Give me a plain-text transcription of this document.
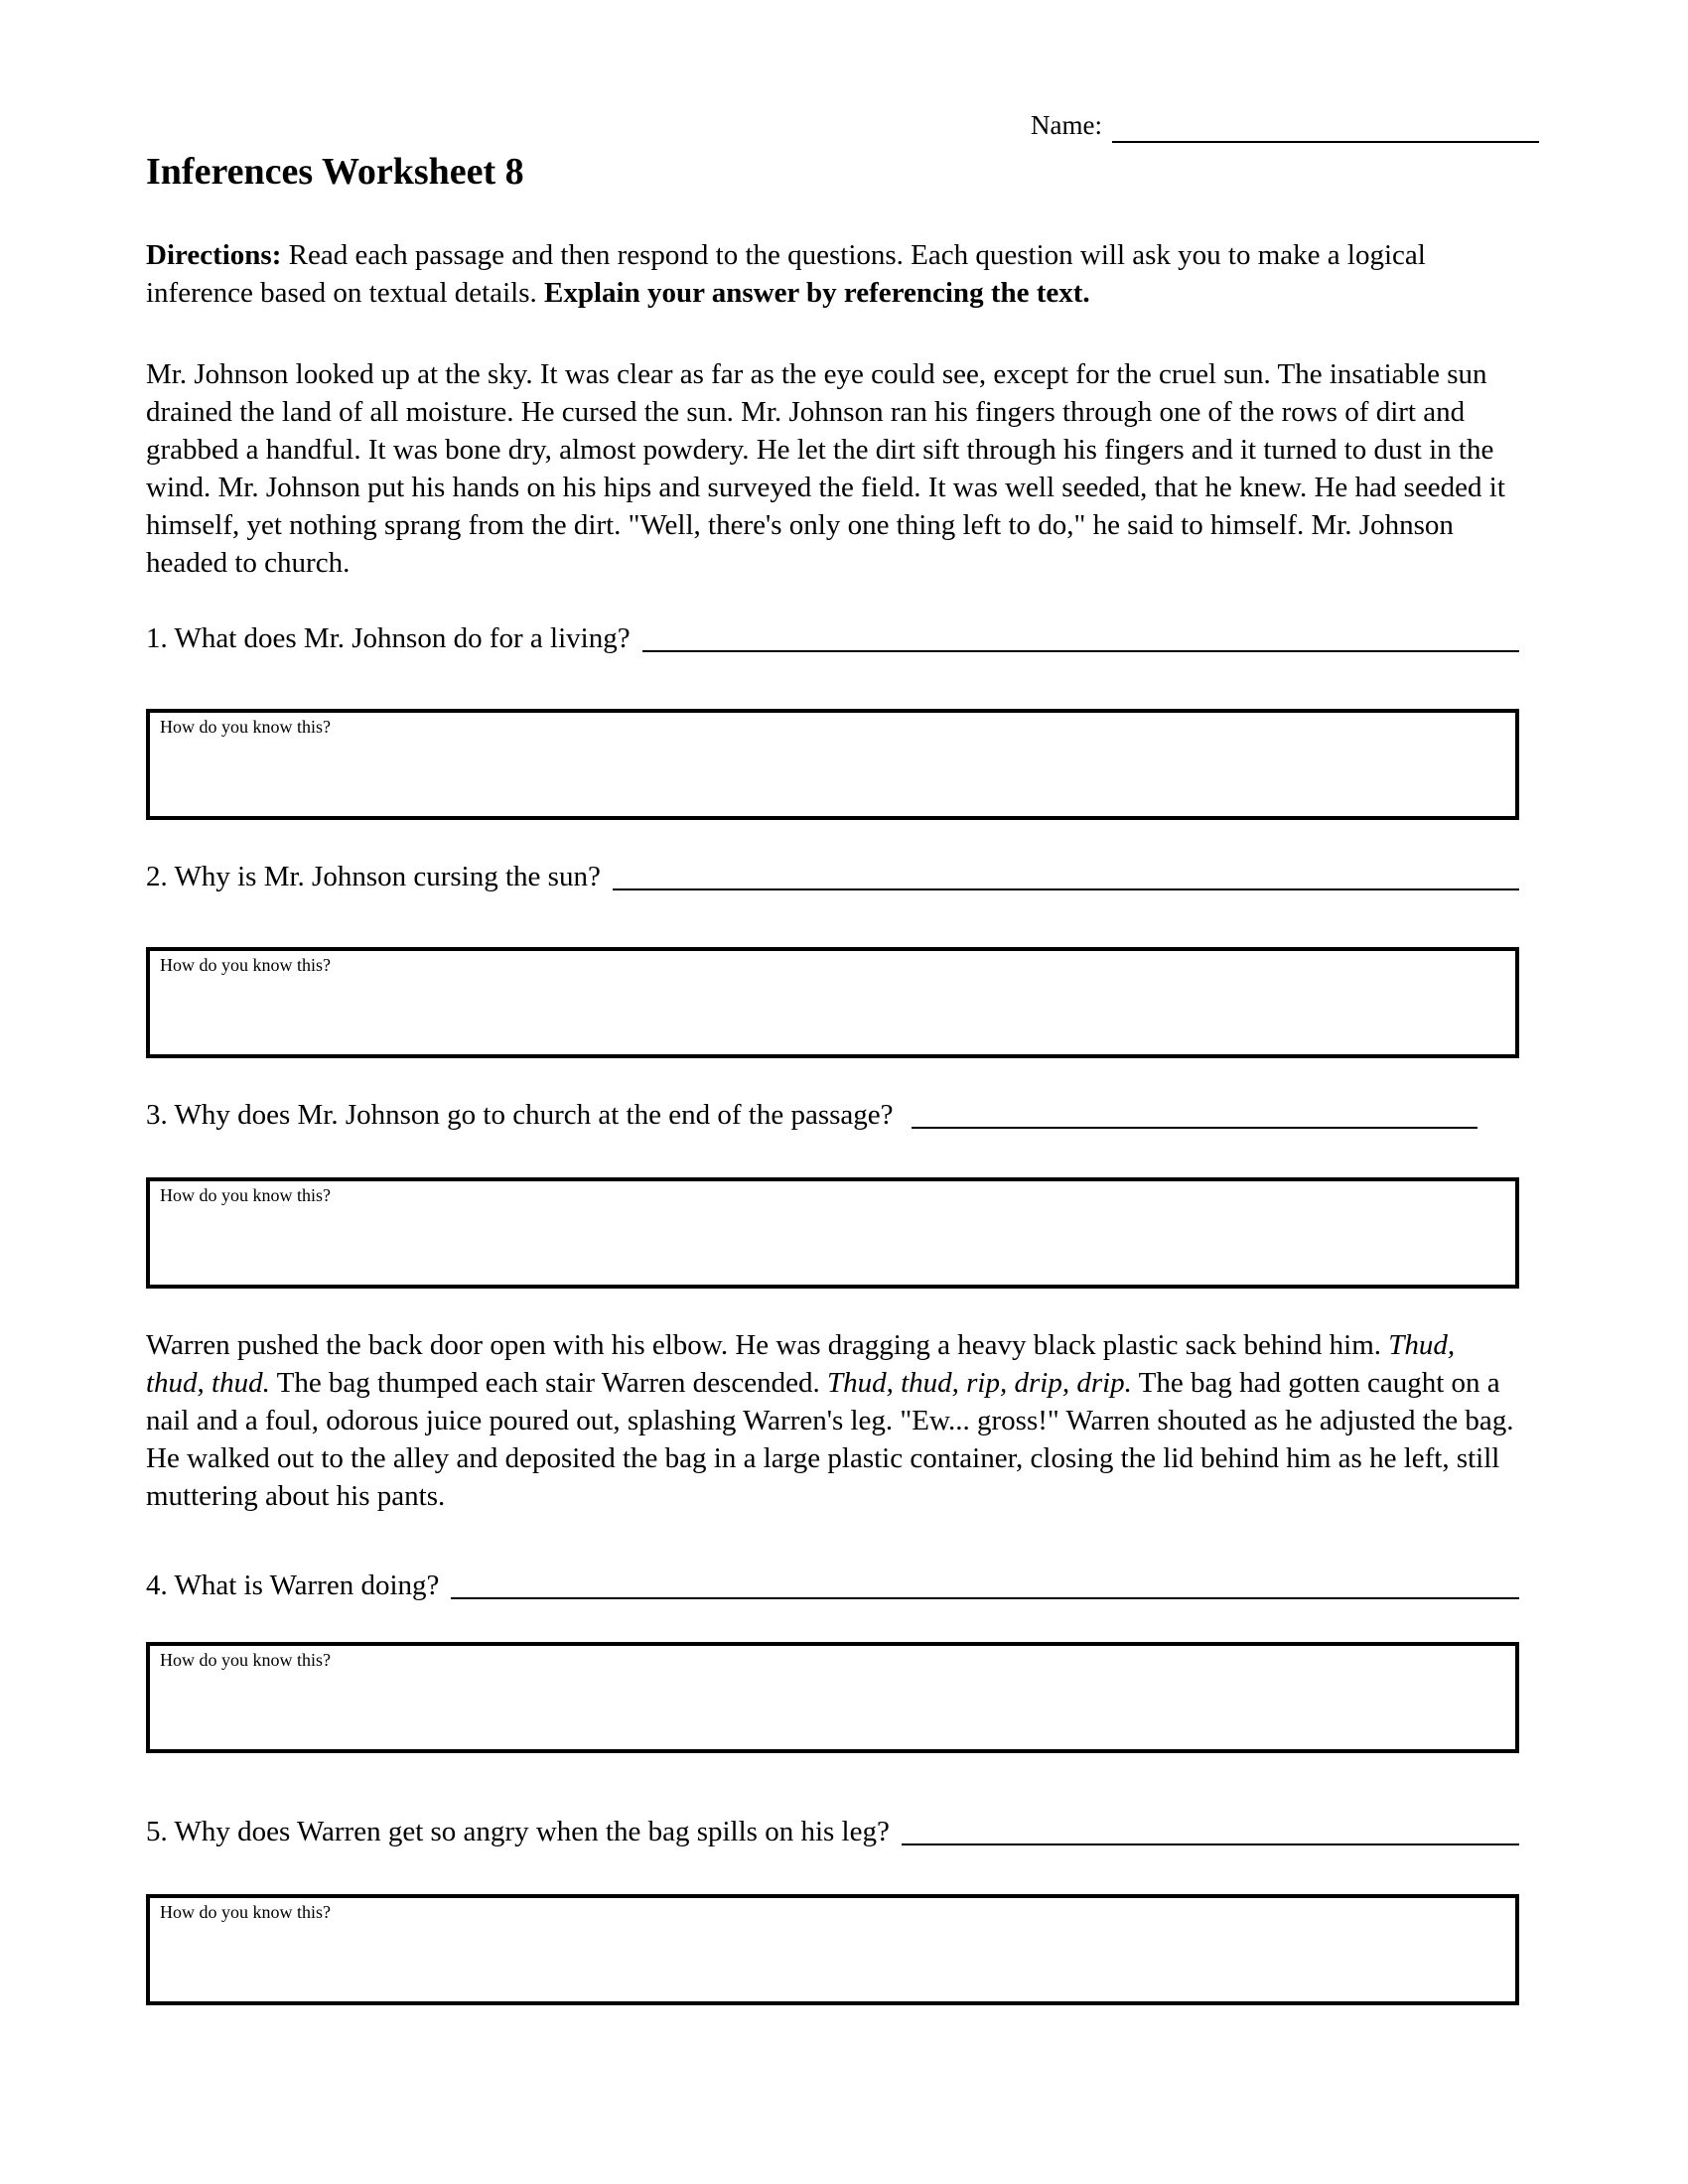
Name:
Inferences Worksheet 8

Directions: Read each passage and then respond to the questions. Each question will ask you to make a logical inference based on textual details. Explain your answer by referencing the text.

Mr. Johnson looked up at the sky. It was clear as far as the eye could see, except for the cruel sun. The insatiable sun drained the land of all moisture. He cursed the sun. Mr. Johnson ran his fingers through one of the rows of dirt and grabbed a handful. It was bone dry, almost powdery. He let the dirt sift through his fingers and it turned to dust in the wind. Mr. Johnson put his hands on his hips and surveyed the field. It was well seeded, that he knew. He had seeded it himself, yet nothing sprang from the dirt. "Well, there's only one thing left to do," he said to himself. Mr. Johnson headed to church.

1. What does Mr. Johnson do for a living?
How do you know this?
2. Why is Mr. Johnson cursing the sun?
How do you know this?
3. Why does Mr. Johnson go to church at the end of the passage?
How do you know this?

Warren pushed the back door open with his elbow. He was dragging a heavy black plastic sack behind him. Thud, thud, thud. The bag thumped each stair Warren descended. Thud, thud, rip, drip, drip. The bag had gotten caught on a nail and a foul, odorous juice poured out, splashing Warren's leg. "Ew... gross!" Warren shouted as he adjusted the bag. He walked out to the alley and deposited the bag in a large plastic container, closing the lid behind him as he left, still muttering about his pants.

4. What is Warren doing?
How do you know this?
5. Why does Warren get so angry when the bag spills on his leg?
How do you know this?
